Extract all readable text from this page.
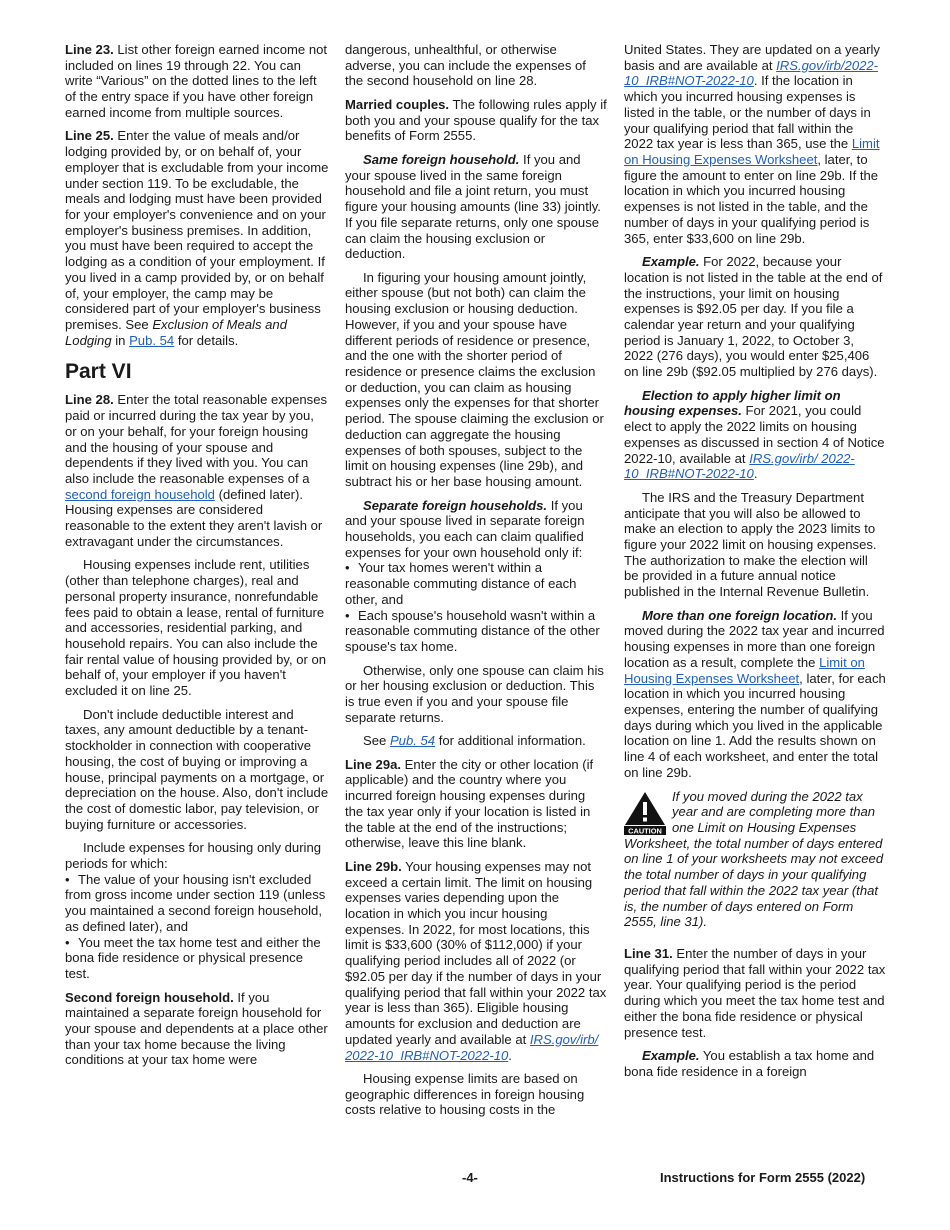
Line 23. List other foreign earned income not included on lines 19 through 22. You can write “Various” on the dotted lines to the left of the entry space if you have other foreign earned income from multiple sources.

Line 25. Enter the value of meals and/or lodging provided by, or on behalf of, your employer that is excludable from your income under section 119. To be excludable, the meals and lodging must have been provided for your employer's convenience and on your employer's business premises. In addition, you must have been required to accept the lodging as a condition of your employment. If you lived in a camp provided by, or on behalf of, your employer, the camp may be considered part of your employer's business premises. See Exclusion of Meals and Lodging in Pub. 54 for details.

Part VI

Line 28. Enter the total reasonable expenses paid or incurred during the tax year by you, or on your behalf, for your foreign housing and the housing of your spouse and dependents if they lived with you. You can also include the reasonable expenses of a second foreign household (defined later). Housing expenses are considered reasonable to the extent they aren't lavish or extravagant under the circumstances.

Housing expenses include rent, utilities (other than telephone charges), real and personal property insurance, nonrefundable fees paid to obtain a lease, rental of furniture and accessories, residential parking, and household repairs. You can also include the fair rental value of housing provided by, or on behalf of, your employer if you haven't excluded it on line 25.

Don't include deductible interest and taxes, any amount deductible by a tenant-stockholder in connection with cooperative housing, the cost of buying or improving a house, principal payments on a mortgage, or depreciation on the house. Also, don't include the cost of domestic labor, pay television, or buying furniture or accessories.

Include expenses for housing only during periods for which:

• The value of your housing isn't excluded from gross income under section 119 (unless you maintained a second foreign household, as defined later), and
• You meet the tax home test and either the bona fide residence or physical presence test.

Second foreign household. If you maintained a separate foreign household for your spouse and dependents at a place other than your tax home because the living conditions at your tax home were

dangerous, unhealthful, or otherwise adverse, you can include the expenses of the second household on line 28.

Married couples. The following rules apply if both you and your spouse qualify for the tax benefits of Form 2555.

Same foreign household. If you and your spouse lived in the same foreign household and file a joint return, you must figure your housing amounts (line 33) jointly. If you file separate returns, only one spouse can claim the housing exclusion or deduction.

In figuring your housing amount jointly, either spouse (but not both) can claim the housing exclusion or housing deduction. However, if you and your spouse have different periods of residence or presence, and the one with the shorter period of residence or presence claims the exclusion or deduction, you can claim as housing expenses only the expenses for that shorter period. The spouse claiming the exclusion or deduction can aggregate the housing expenses of both spouses, subject to the limit on housing expenses (line 29b), and subtract his or her base housing amount.

Separate foreign households. If you and your spouse lived in separate foreign households, you each can claim qualified expenses for your own household only if:

• Your tax homes weren't within a reasonable commuting distance of each other, and
• Each spouse's household wasn't within a reasonable commuting distance of the other spouse's tax home.

Otherwise, only one spouse can claim his or her housing exclusion or deduction. This is true even if you and your spouse file separate returns.

See Pub. 54 for additional information.

Line 29a. Enter the city or other location (if applicable) and the country where you incurred foreign housing expenses during the tax year only if your location is listed in the table at the end of the instructions; otherwise, leave this line blank.

Line 29b. Your housing expenses may not exceed a certain limit. The limit on housing expenses varies depending upon the location in which you incur housing expenses. In 2022, for most locations, this limit is $33,600 (30% of $112,000) if your qualifying period includes all of 2022 (or $92.05 per day if the number of days in your qualifying period that fall within your 2022 tax year is less than 365). Eligible housing amounts for exclusion and deduction are updated yearly and available at IRS.gov/irb/ 2022-10_IRB#NOT-2022-10.

Housing expense limits are based on geographic differences in foreign housing costs relative to housing costs in the

United States. They are updated on a yearly basis and are available at IRS.gov/irb/2022-10_IRB#NOT-2022-10. If the location in which you incurred housing expenses is listed in the table, or the number of days in your qualifying period that fall within the 2022 tax year is less than 365, use the Limit on Housing Expenses Worksheet, later, to figure the amount to enter on line 29b. If the location in which you incurred housing expenses is not listed in the table, and the number of days in your qualifying period is 365, enter $33,600 on line 29b.

Example. For 2022, because your location is not listed in the table at the end of the instructions, your limit on housing expenses is $92.05 per day. If you file a calendar year return and your qualifying period is January 1, 2022, to October 3, 2022 (276 days), you would enter $25,406 on line 29b ($92.05 multiplied by 276 days).

Election to apply higher limit on housing expenses. For 2021, you could elect to apply the 2022 limits on housing expenses as discussed in section 4 of Notice 2022-10, available at IRS.gov/irb/ 2022-10_IRB#NOT-2022-10.

The IRS and the Treasury Department anticipate that you will also be allowed to make an election to apply the 2023 limits to figure your 2022 limit on housing expenses. The authorization to make the election will be provided in a future annual notice published in the Internal Revenue Bulletin.

More than one foreign location. If you moved during the 2022 tax year and incurred housing expenses in more than one foreign location as a result, complete the Limit on Housing Expenses Worksheet, later, for each location in which you incurred housing expenses, entering the number of qualifying days during which you lived in the applicable location on line 1. Add the results shown on line 4 of each worksheet, and enter the total on line 29b.

CAUTION
If you moved during the 2022 tax year and are completing more than one Limit on Housing Expenses Worksheet, the total number of days entered on line 1 of your worksheets may not exceed the total number of days in your qualifying period that fall within the 2022 tax year (that is, the number of days entered on Form 2555, line 31).

Line 31. Enter the number of days in your qualifying period that fall within your 2022 tax year. Your qualifying period is the period during which you meet the tax home test and either the bona fide residence or physical presence test.

Example. You establish a tax home and bona fide residence in a foreign

-4-	Instructions for Form 2555 (2022)
